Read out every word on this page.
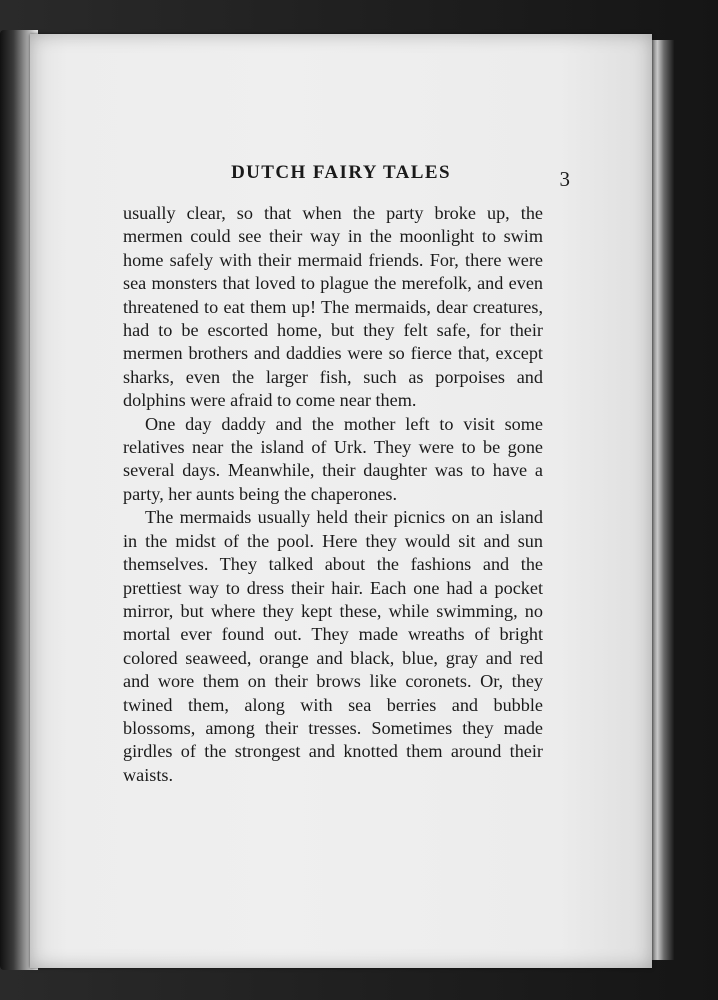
DUTCH FAIRY TALES	3

usually clear, so that when the party broke up, the mermen could see their way in the moonlight to swim home safely with their mermaid friends. For, there were sea monsters that loved to plague the merefolk, and even threatened to eat them up! The mermaids, dear creatures, had to be escorted home, but they felt safe, for their mermen brothers and daddies were so fierce that, except sharks, even the larger fish, such as porpoises and dolphins were afraid to come near them.

One day daddy and the mother left to visit some relatives near the island of Urk. They were to be gone several days. Meanwhile, their daughter was to have a party, her aunts being the chaperones.

The mermaids usually held their picnics on an island in the midst of the pool. Here they would sit and sun themselves. They talked about the fashions and the prettiest way to dress their hair. Each one had a pocket mirror, but where they kept these, while swimming, no mortal ever found out. They made wreaths of bright colored seaweed, orange and black, blue, gray and red and wore them on their brows like coronets. Or, they twined them, along with sea berries and bubble blossoms, among their tresses. Sometimes they made girdles of the strongest and knotted them around their waists.
